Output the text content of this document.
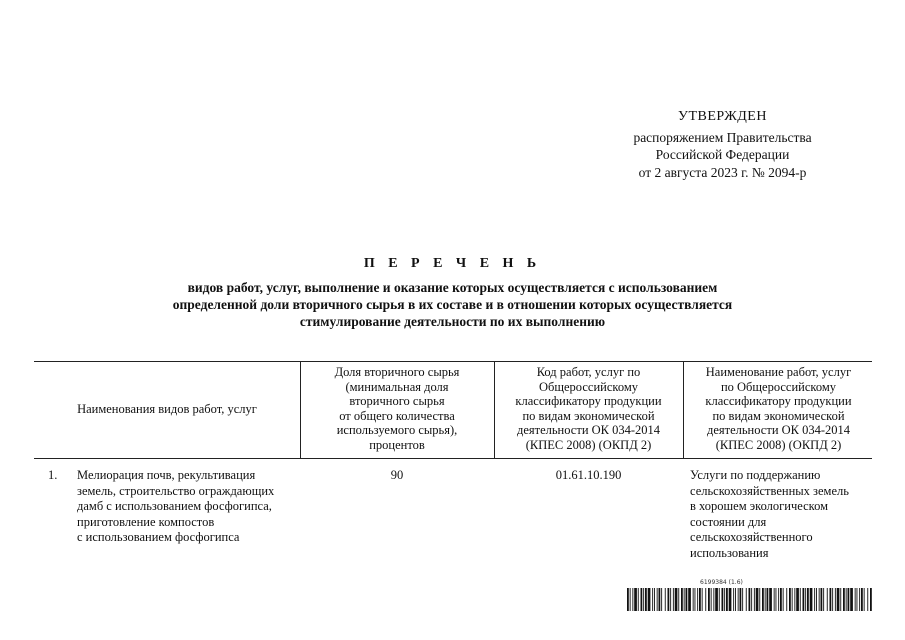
УТВЕРЖДЕН
распоряжением Правительства
Российской Федерации
от 2 августа 2023 г. № 2094-р
П Е Р Е Ч Е Н Ь
видов работ, услуг, выполнение и оказание которых осуществляется с использованием
определенной доли вторичного сырья в их составе и в отношении которых осуществляется
стимулирование деятельности по их выполнению
Наименования видов работ, услуг
Доля вторичного сырья
(минимальная доля
вторичного сырья
от общего количества
используемого сырья),
процентов
Код работ, услуг по
Общероссийскому
классификатору продукции
по видам экономической
деятельности ОК 034-2014
(КПЕС 2008) (ОКПД 2)
Наименование работ, услуг
по Общероссийскому
классификатору продукции
по видам экономической
деятельности ОК 034-2014
(КПЕС 2008) (ОКПД 2)
1. Мелиорация почв, рекультивация
земель, строительство ограждающих
дамб с использованием фосфогипса,
приготовление компостов
с использованием фосфогипса
90	01.61.10.190	Услуги по поддержанию
сельскохозяйственных земель
в хорошем экологическом
состоянии для
сельскохозяйственного
использования
6199384 (1.6)
